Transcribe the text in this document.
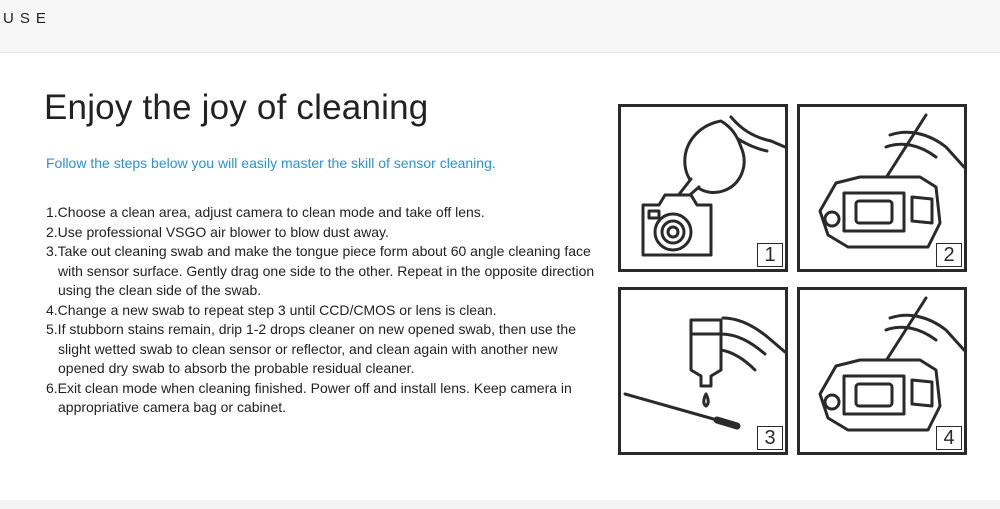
USE
Enjoy the joy of cleaning
Follow the steps below you will easily master the skill of sensor cleaning.
1.Choose a clean area, adjust camera to clean mode and take off lens.
2.Use professional VSGO air blower to blow dust away.
3.Take out cleaning swab and make the tongue piece form about 60 angle cleaning face with sensor surface. Gently drag one side to the other. Repeat in the opposite direction using the clean side of the swab.
4.Change a new swab to repeat step 3 until CCD/CMOS or lens is clean.
5.If stubborn stains remain, drip 1-2 drops cleaner on new opened swab, then use the slight wetted swab to clean sensor or reflector, and clean again with another new opened dry swab to absorb the probable residual cleaner.
6.Exit clean mode when cleaning finished. Power off and install lens. Keep camera in appropriative camera bag or cabinet.
1	2
3	4
